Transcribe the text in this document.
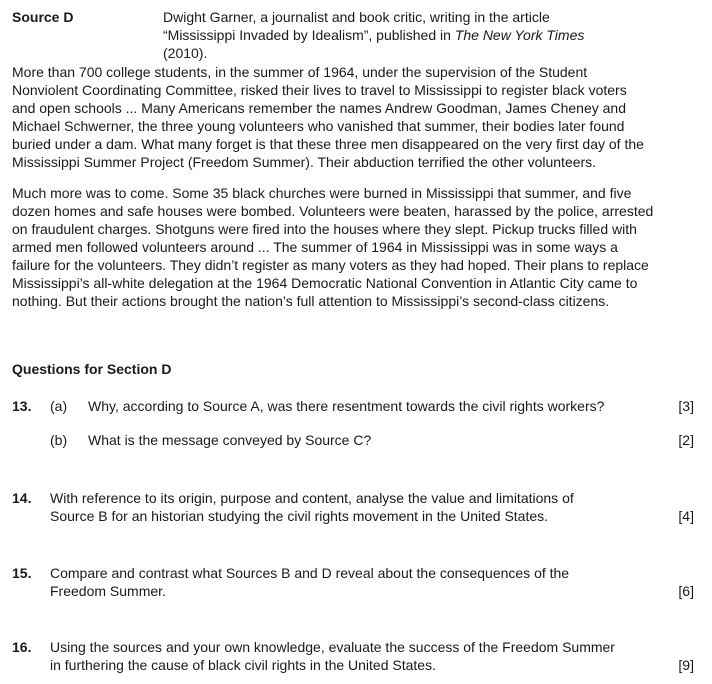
Source D	Dwight Garner, a journalist and book critic, writing in the article “Mississippi Invaded by Idealism”, published in The New York Times (2010).
More than 700 college students, in the summer of 1964, under the supervision of the Student
Nonviolent Coordinating Committee, risked their lives to travel to Mississippi to register black voters
and open schools ... Many Americans remember the names Andrew Goodman, James Cheney and
Michael Schwerner, the three young volunteers who vanished that summer, their bodies later found
buried under a dam. What many forget is that these three men disappeared on the very first day of the
Mississippi Summer Project (Freedom Summer). Their abduction terrified the other volunteers.
Much more was to come. Some 35 black churches were burned in Mississippi that summer, and five
dozen homes and safe houses were bombed. Volunteers were beaten, harassed by the police, arrested
on fraudulent charges. Shotguns were fired into the houses where they slept. Pickup trucks filled with
armed men followed volunteers around ... The summer of 1964 in Mississippi was in some ways a
failure for the volunteers. They didn’t register as many voters as they had hoped. Their plans to replace
Mississippi’s all-white delegation at the 1964 Democratic National Convention in Atlantic City came to
nothing. But their actions brought the nation’s full attention to Mississippi’s second-class citizens.
Questions for Section D
13. (a) Why, according to Source A, was there resentment towards the civil rights workers?	[3]
(b) What is the message conveyed by Source C?	[2]
14. With reference to its origin, purpose and content, analyse the value and limitations of
Source B for an historian studying the civil rights movement in the United States.	[4]
15. Compare and contrast what Sources B and D reveal about the consequences of the
Freedom Summer.	[6]
16. Using the sources and your own knowledge, evaluate the success of the Freedom Summer
in furthering the cause of black civil rights in the United States.	[9]
